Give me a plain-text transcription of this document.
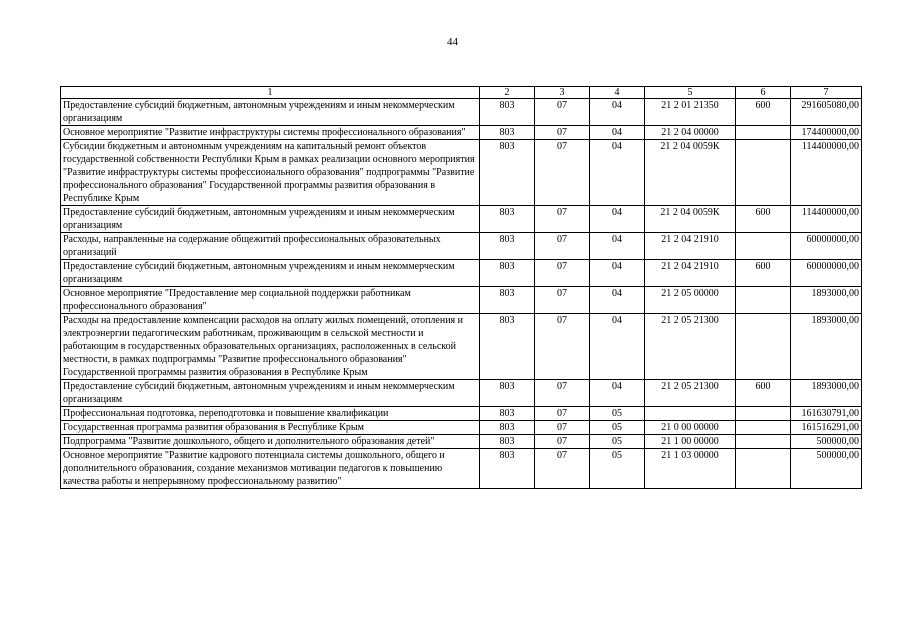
44
1	2	3	4	5	6	7
Предоставление субсидий бюджетным, автономным учреждениям и иным некоммерческим организациям	803	07	04	21 2 01 21350	600	291605080,00
Основное мероприятие "Развитие инфраструктуры системы профессионального образования"	803	07	04	21 2 04 00000		174400000,00
Субсидии бюджетным и автономным учреждениям на капитальный ремонт объектов государственной собственности Республики Крым в рамках реализации основного мероприятия "Развитие инфраструктуры системы профессионального образования" подпрограммы "Развитие профессионального образования" Государственной программы развития образования в Республике Крым	803	07	04	21 2 04 0059К		114400000,00
Предоставление субсидий бюджетным, автономным учреждениям и иным некоммерческим организациям	803	07	04	21 2 04 0059К	600	114400000,00
Расходы, направленные на содержание общежитий профессиональных образовательных организаций	803	07	04	21 2 04 21910		60000000,00
Предоставление субсидий бюджетным, автономным учреждениям и иным некоммерческим организациям	803	07	04	21 2 04 21910	600	60000000,00
Основное мероприятие "Предоставление мер социальной поддержки работникам профессионального образования"	803	07	04	21 2 05 00000		1893000,00
Расходы на предоставление компенсации расходов на оплату жилых помещений, отопления и электроэнергии педагогическим работникам, проживающим в сельской местности и работающим в государственных образовательных организациях, расположенных в сельской местности, в рамках подпрограммы "Развитие профессионального образования" Государственной программы развития образования в Республике Крым	803	07	04	21 2 05 21300		1893000,00
Предоставление субсидий бюджетным, автономным учреждениям и иным некоммерческим организациям	803	07	04	21 2 05 21300	600	1893000,00
Профессиональная подготовка, переподготовка и повышение квалификации	803	07	05			161630791,00
Государственная программа развития образования в Республике Крым	803	07	05	21 0 00 00000		161516291,00
Подпрограмма "Развитие дошкольного, общего и дополнительного образования детей"	803	07	05	21 1 00 00000		500000,00
Основное мероприятие "Развитие кадрового потенциала системы дошкольного, общего и дополнительного образования, создание механизмов мотивации педагогов к повышению качества работы и непрерывному профессиональному развитию"	803	07	05	21 1 03 00000		500000,00
